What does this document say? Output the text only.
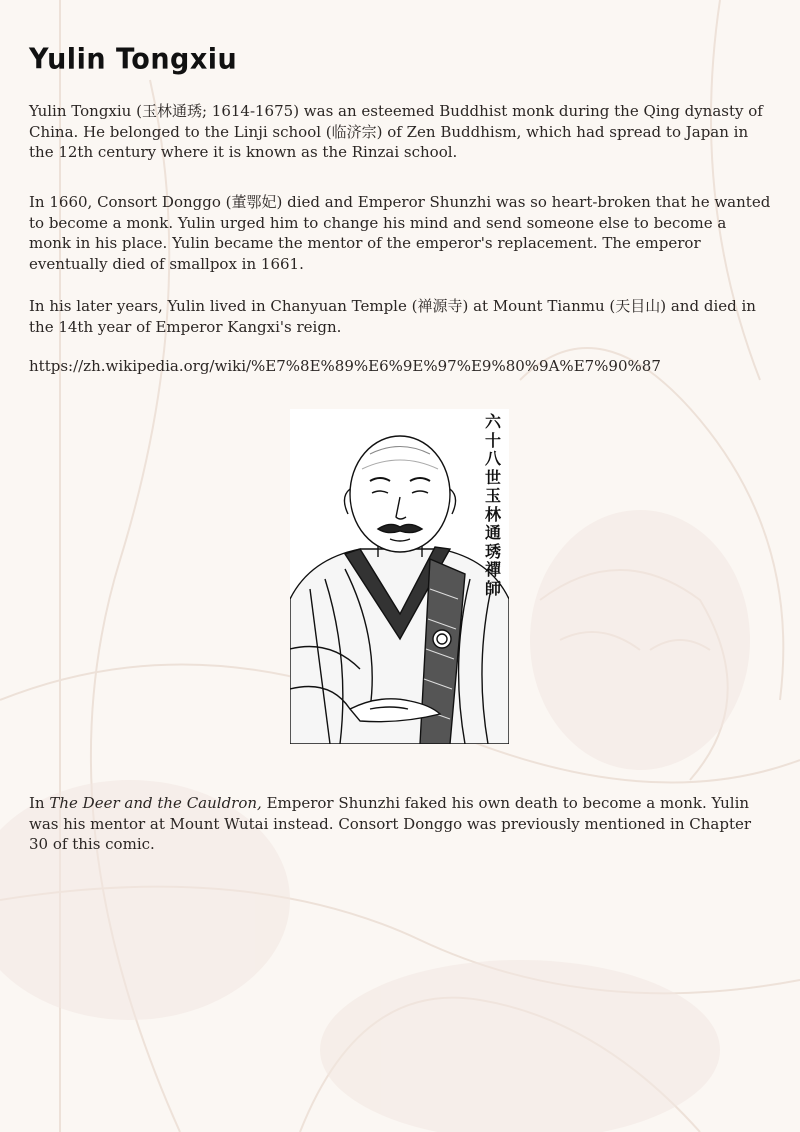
Yulin Tongxiu

Yulin Tongxiu (玉林通琇; 1614-1675) was an esteemed Buddhist monk during the Qing dynasty of China. He belonged to the Linji school (临济宗) of Zen Buddhism, which had spread to Japan in the 12th century where it is known as the Rinzai school.

In 1660, Consort Donggo (董鄂妃) died and Emperor Shunzhi was so heart-broken that he wanted to become a monk. Yulin urged him to change his mind and send someone else to become a monk in his place. Yulin became the mentor of the emperor's replacement. The emperor eventually died of smallpox in 1661.

In his later years, Yulin lived in Chanyuan Temple (禅源寺) at Mount Tianmu (天目山) and died in the 14th year of Emperor Kangxi's reign.

https://zh.wikipedia.org/wiki/%E7%8E%89%E6%9E%97%E9%80%9A%E7%90%87

六
十
八
世
玉
林
通
琇
禪
師

In The Deer and the Cauldron, Emperor Shunzhi faked his own death to become a monk. Yulin was his mentor at Mount Wutai instead. Consort Donggo was previously mentioned in Chapter 30 of this comic.
